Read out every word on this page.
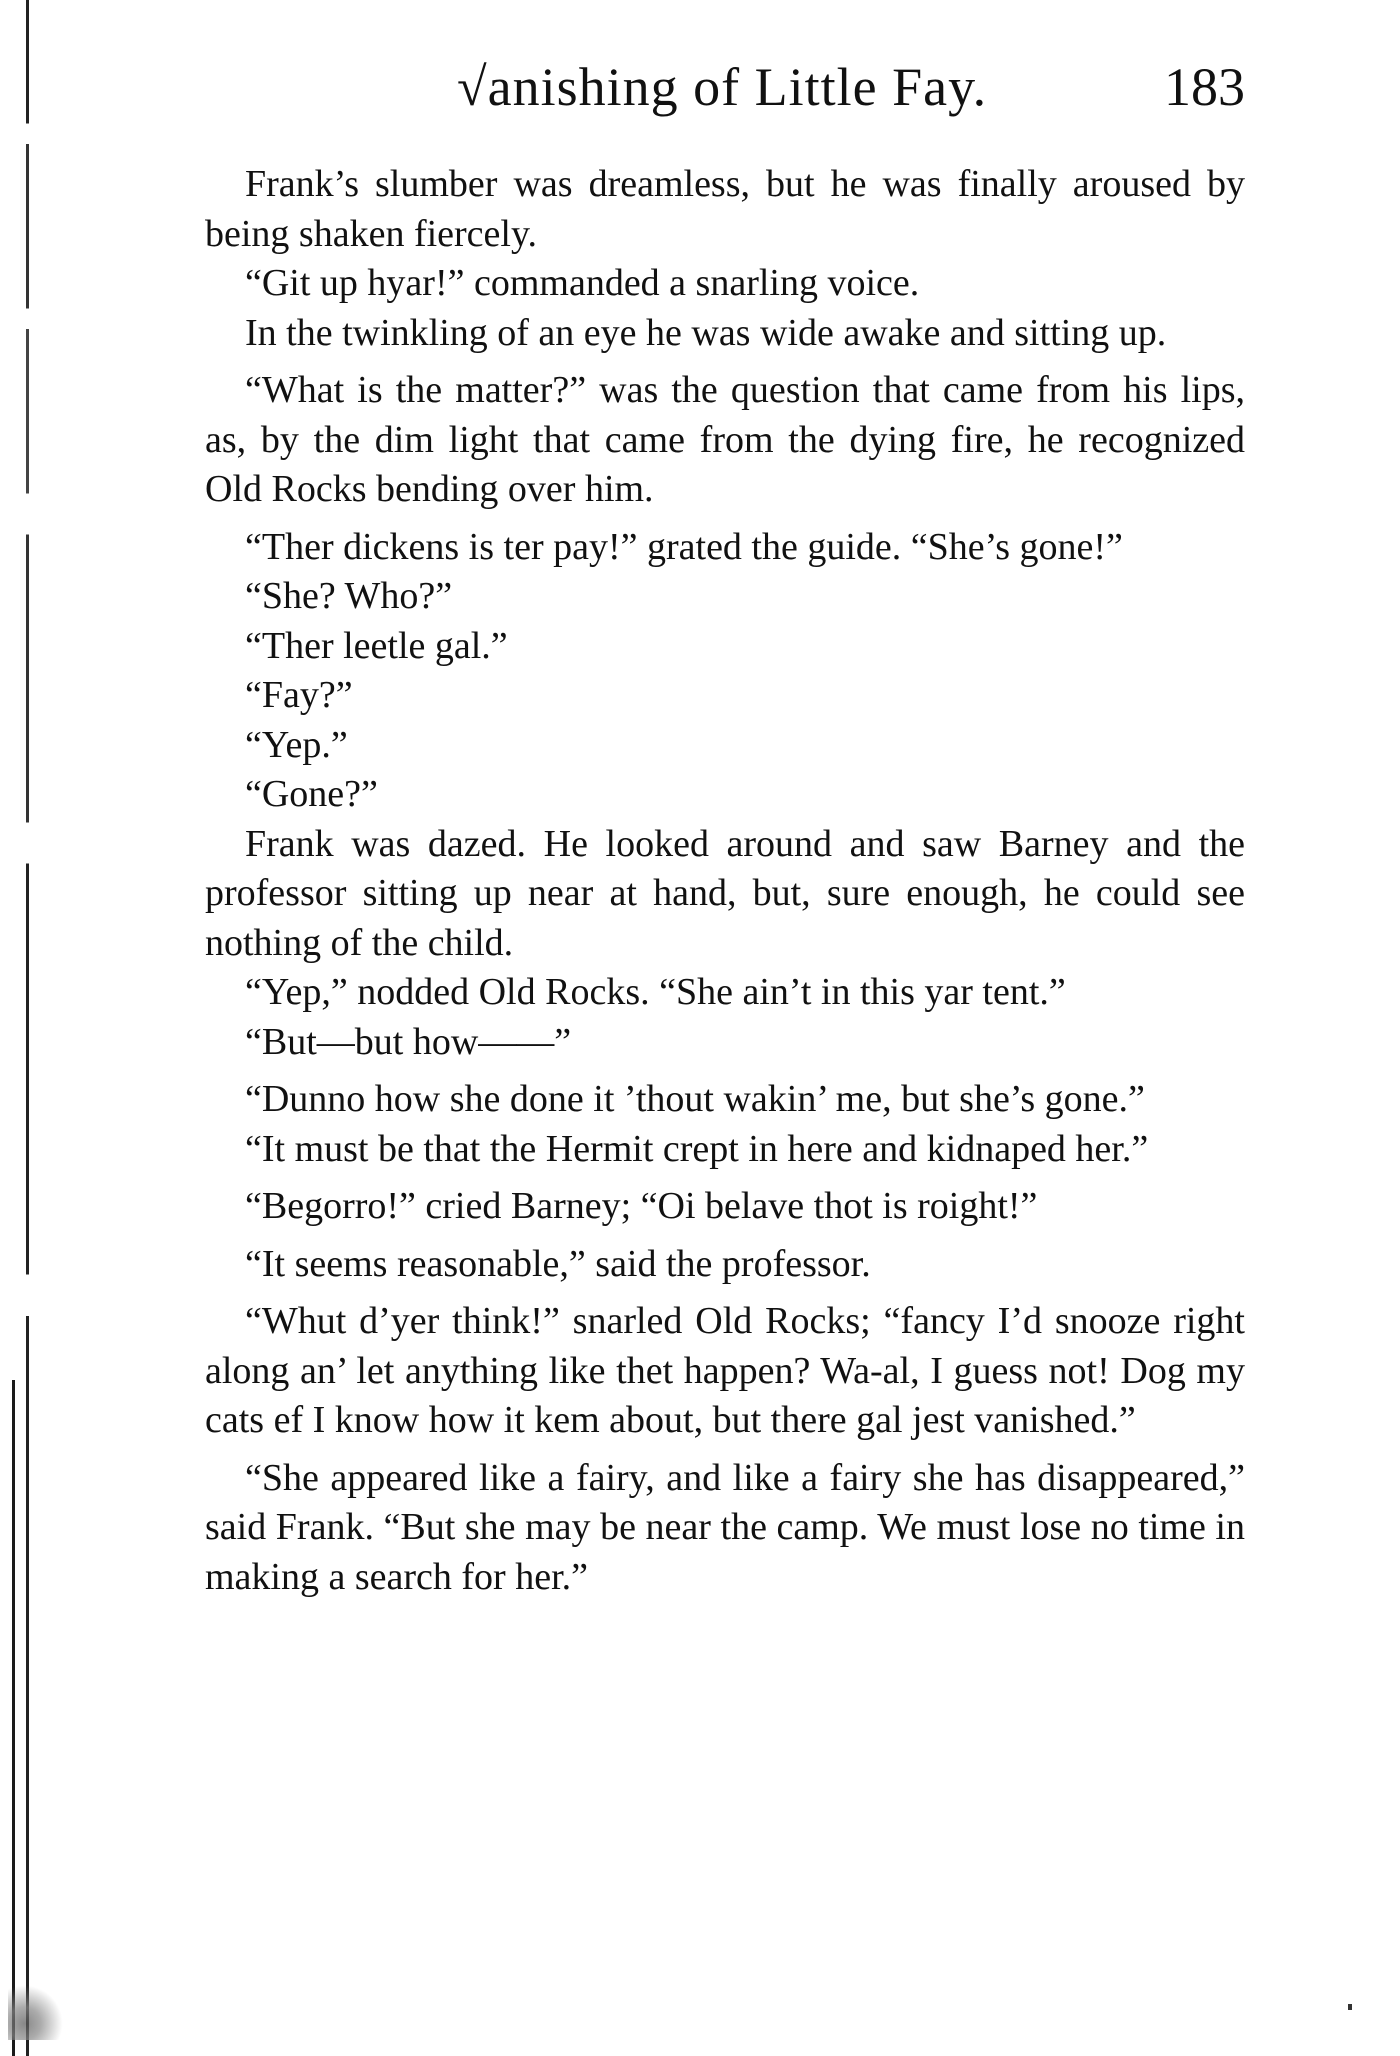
√anishing of Little Fay.	183

Frank’s slumber was dreamless, but he was finally aroused by being shaken fiercely.

“Git up hyar!” commanded a snarling voice.

In the twinkling of an eye he was wide awake and sitting up.

“What is the matter?” was the question that came from his lips, as, by the dim light that came from the dying fire, he recognized Old Rocks bending over him.

“Ther dickens is ter pay!” grated the guide. “She’s gone!”

“She? Who?”

“Ther leetle gal.”

“Fay?”

“Yep.”

“Gone?”

Frank was dazed. He looked around and saw Barney and the professor sitting up near at hand, but, sure enough, he could see nothing of the child.

“Yep,” nodded Old Rocks. “She ain’t in this yar tent.”

“But—but how——”

“Dunno how she done it ’thout wakin’ me, but she’s gone.”

“It must be that the Hermit crept in here and kidnaped her.”

“Begorro!” cried Barney; “Oi belave thot is roight!”

“It seems reasonable,” said the professor.

“Whut d’yer think!” snarled Old Rocks; “fancy I’d snooze right along an’ let anything like thet happen? Wa-al, I guess not! Dog my cats ef I know how it kem about, but there gal jest vanished.”

“She appeared like a fairy, and like a fairy she has disappeared,” said Frank. “But she may be near the camp. We must lose no time in making a search for her.”
